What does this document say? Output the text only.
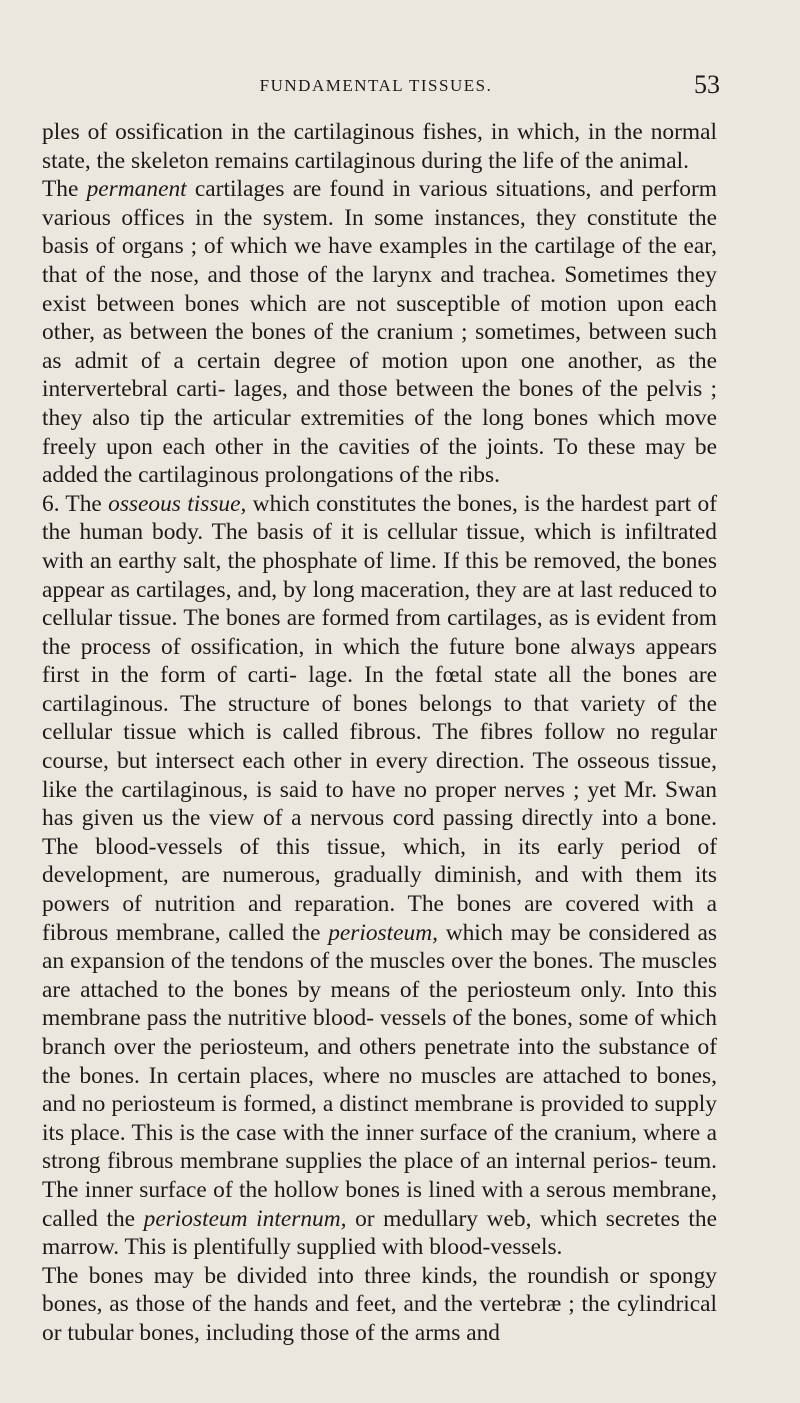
FUNDAMENTAL TISSUES.	53

ples of ossification in the cartilaginous fishes, in which, in the normal state, the skeleton remains cartilaginous during the life of the animal.

The permanent cartilages are found in various situations, and perform various offices in the system. In some instances, they constitute the basis of organs ; of which we have examples in the cartilage of the ear, that of the nose, and those of the larynx and trachea. Sometimes they exist between bones which are not susceptible of motion upon each other, as between the bones of the cranium ; sometimes, between such as admit of a certain degree of motion upon one another, as the intervertebral carti- lages, and those between the bones of the pelvis ; they also tip the articular extremities of the long bones which move freely upon each other in the cavities of the joints. To these may be added the cartilaginous prolongations of the ribs.

6. The osseous tissue, which constitutes the bones, is the hardest part of the human body. The basis of it is cellular tissue, which is infiltrated with an earthy salt, the phosphate of lime. If this be removed, the bones appear as cartilages, and, by long maceration, they are at last reduced to cellular tissue. The bones are formed from cartilages, as is evident from the process of ossification, in which the future bone always appears first in the form of carti- lage. In the fœtal state all the bones are cartilaginous. The structure of bones belongs to that variety of the cellular tissue which is called fibrous. The fibres follow no regular course, but intersect each other in every direction. The osseous tissue, like the cartilaginous, is said to have no proper nerves ; yet Mr. Swan has given us the view of a nervous cord passing directly into a bone. The blood-vessels of this tissue, which, in its early period of development, are numerous, gradually diminish, and with them its powers of nutrition and reparation. The bones are covered with a fibrous membrane, called the periosteum, which may be considered as an expansion of the tendons of the muscles over the bones. The muscles are attached to the bones by means of the periosteum only. Into this membrane pass the nutritive blood- vessels of the bones, some of which branch over the periosteum, and others penetrate into the substance of the bones. In certain places, where no muscles are attached to bones, and no periosteum is formed, a distinct membrane is provided to supply its place. This is the case with the inner surface of the cranium, where a strong fibrous membrane supplies the place of an internal perios- teum. The inner surface of the hollow bones is lined with a serous membrane, called the periosteum internum, or medullary web, which secretes the marrow. This is plentifully supplied with blood-vessels.

The bones may be divided into three kinds, the roundish or spongy bones, as those of the hands and feet, and the vertebræ ; the cylindrical or tubular bones, including those of the arms and
